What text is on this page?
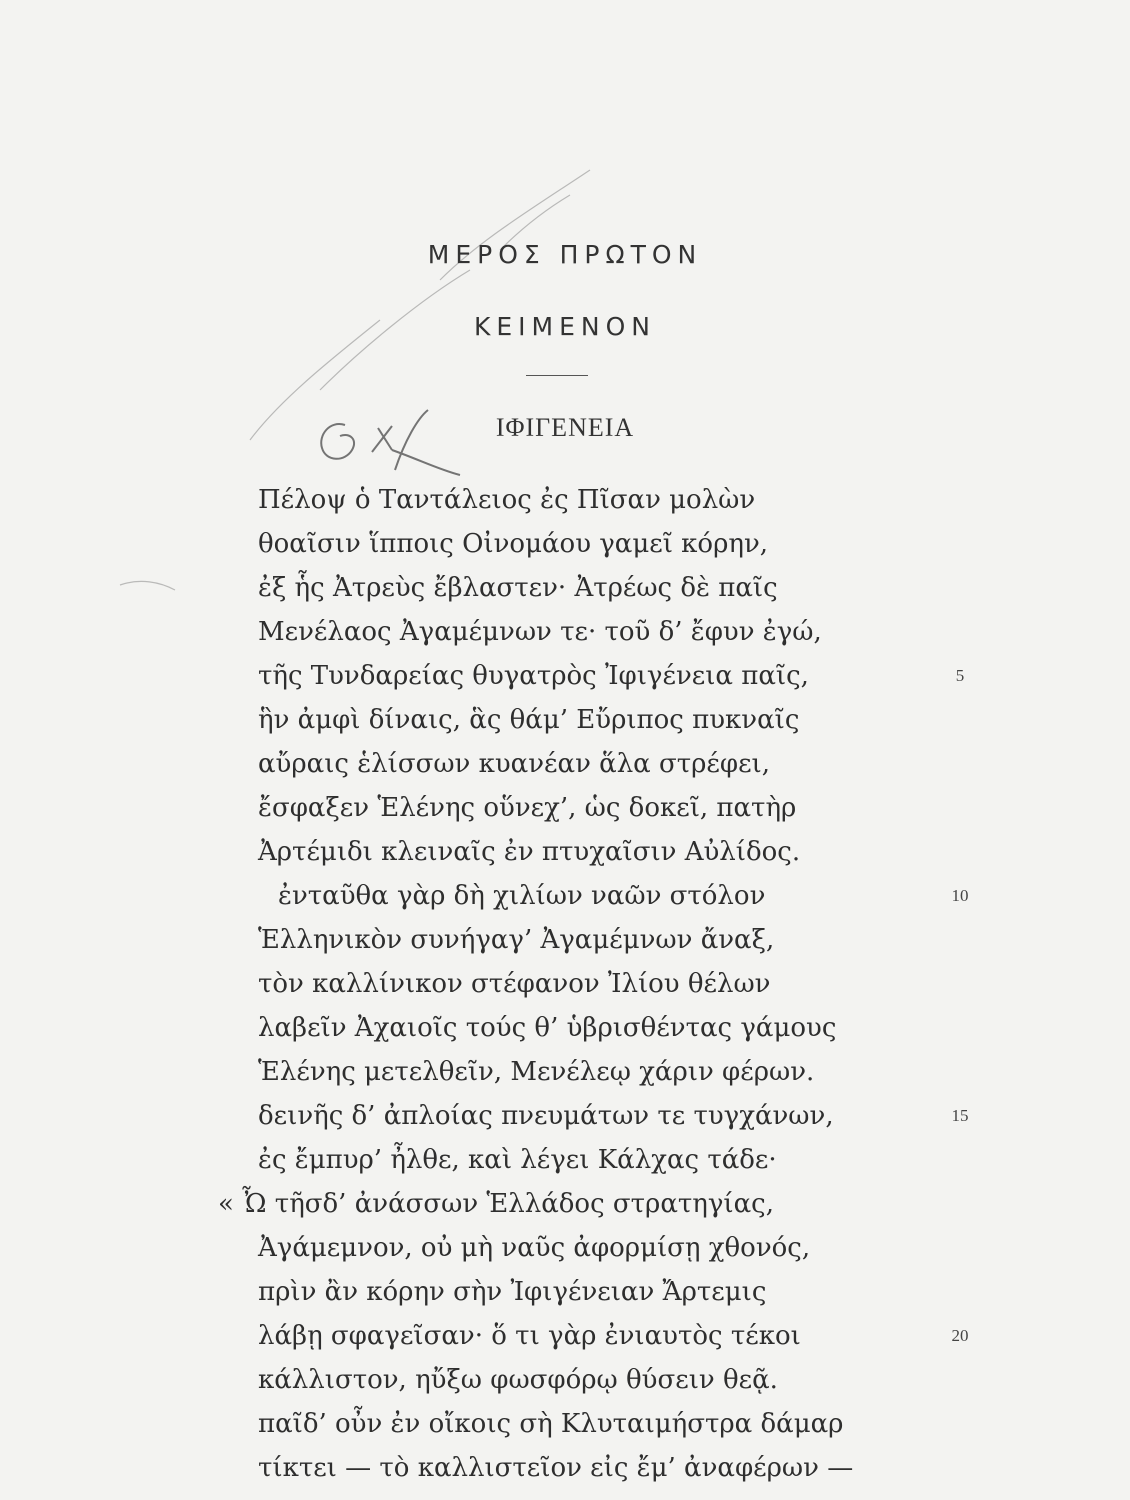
ΜΕΡΟΣ ΠΡΩΤΟΝ
ΚΕΙΜΕΝΟΝ
ΙΦΙΓΕΝΕΙΑ
Πέλοψ ὁ Ταντάλειος ἐς Πῖσαν μολὼν
θοαῖσιν ἵπποις Οἰνομάου γαμεῖ κόρην,
ἐξ ἧς Ἀτρεὺς ἔβλαστεν· Ἀτρέως δὲ παῖς
Μενέλαος Ἀγαμέμνων τε· τοῦ δ’ ἔφυν ἐγώ,
τῆς Τυνδαρείας θυγατρὸς Ἰφιγένεια παῖς,	5
ἣν ἀμφὶ δίναις, ἃς θάμ’ Εὔριπος πυκναῖς
αὔραις ἑλίσσων κυανέαν ἅλα στρέφει,
ἔσφαξεν Ἑλένης οὕνεχ’, ὡς δοκεῖ, πατὴρ
Ἀρτέμιδι κλειναῖς ἐν πτυχαῖσιν Αὐλίδος.
ἐνταῦθα γὰρ δὴ χιλίων ναῶν στόλον	10
Ἑλληνικὸν συνήγαγ’ Ἀγαμέμνων ἄναξ,
τὸν καλλίνικον στέφανον Ἰλίου θέλων
λαβεῖν Ἀχαιοῖς τούς θ’ ὑβρισθέντας γάμους
Ἑλένης μετελθεῖν, Μενέλεῳ χάριν φέρων.
δεινῆς δ’ ἀπλοίας πνευμάτων τε τυγχάνων,	15
ἐς ἔμπυρ’ ἦλθε, καὶ λέγει Κάλχας τάδε·
« Ὦ τῆσδ’ ἀνάσσων Ἑλλάδος στρατηγίας,
Ἀγάμεμνον, οὐ μὴ ναῦς ἀφορμίσῃ χθονός,
πρὶν ἂν κόρην σὴν Ἰφιγένειαν Ἄρτεμις
λάβῃ σφαγεῖσαν· ὅ τι γὰρ ἐνιαυτὸς τέκοι	20
κάλλιστον, ηὔξω φωσφόρῳ θύσειν θεᾷ.
παῖδ’ οὖν ἐν οἴκοις σὴ Κλυταιμήστρα δάμαρ
τίκτει — τὸ καλλιστεῖον εἰς ἔμ’ ἀναφέρων —
